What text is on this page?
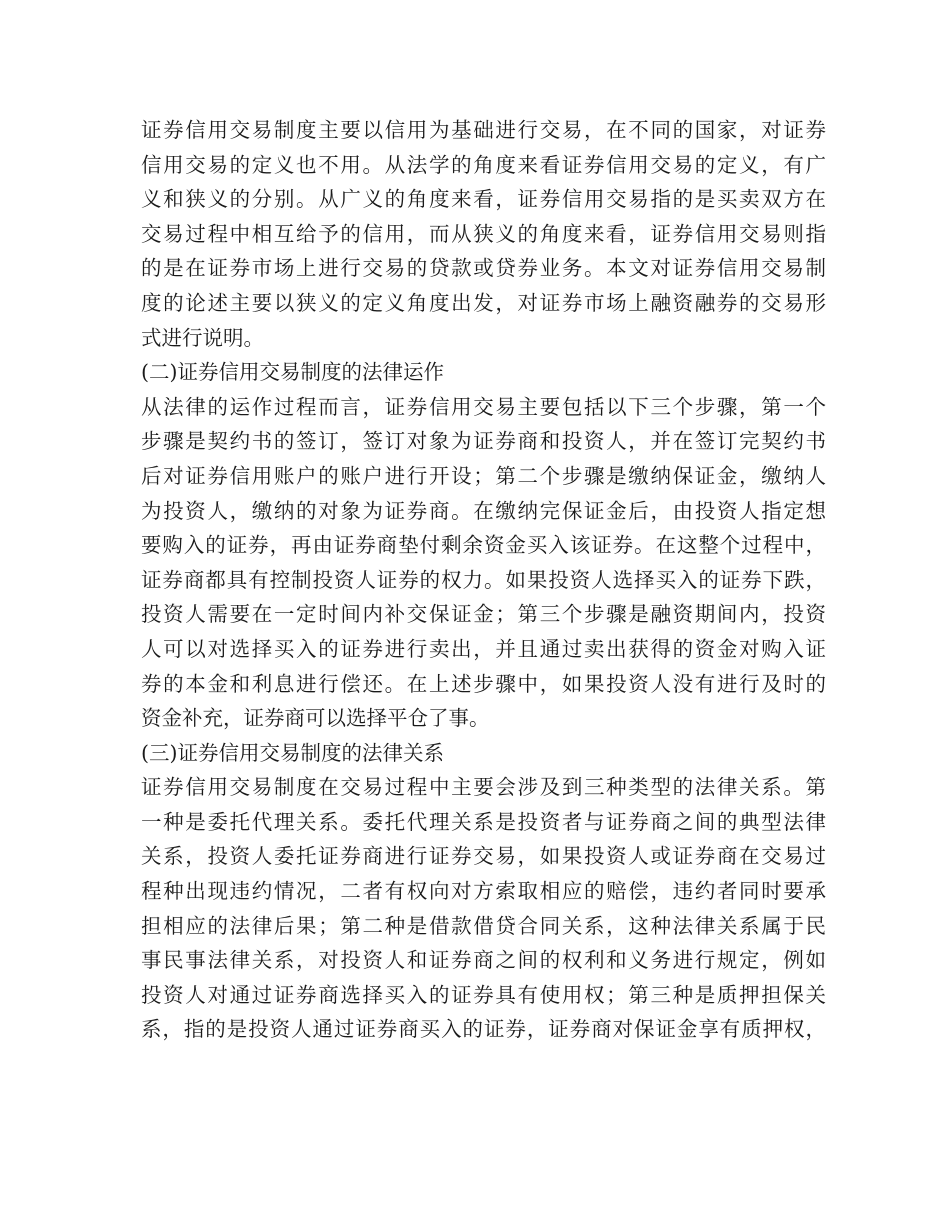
证券信用交易制度主要以信用为基础进行交易，在不同的国家，对证券
信用交易的定义也不用。从法学的角度来看证券信用交易的定义，有广
义和狭义的分别。从广义的角度来看，证券信用交易指的是买卖双方在
交易过程中相互给予的信用，而从狭义的角度来看，证券信用交易则指
的是在证券市场上进行交易的贷款或贷券业务。本文对证券信用交易制
度的论述主要以狭义的定义角度出发，对证券市场上融资融券的交易形
式进行说明。
(二)证券信用交易制度的法律运作
从法律的运作过程而言，证券信用交易主要包括以下三个步骤，第一个
步骤是契约书的签订，签订对象为证券商和投资人，并在签订完契约书
后对证券信用账户的账户进行开设；第二个步骤是缴纳保证金，缴纳人
为投资人，缴纳的对象为证券商。在缴纳完保证金后，由投资人指定想
要购入的证券，再由证券商垫付剩余资金买入该证券。在这整个过程中，
证券商都具有控制投资人证券的权力。如果投资人选择买入的证券下跌，
投资人需要在一定时间内补交保证金；第三个步骤是融资期间内，投资
人可以对选择买入的证券进行卖出，并且通过卖出获得的资金对购入证
券的本金和利息进行偿还。在上述步骤中，如果投资人没有进行及时的
资金补充，证券商可以选择平仓了事。
(三)证券信用交易制度的法律关系
证券信用交易制度在交易过程中主要会涉及到三种类型的法律关系。第
一种是委托代理关系。委托代理关系是投资者与证券商之间的典型法律
关系，投资人委托证券商进行证券交易，如果投资人或证券商在交易过
程种出现违约情况，二者有权向对方索取相应的赔偿，违约者同时要承
担相应的法律后果；第二种是借款借贷合同关系，这种法律关系属于民
事民事法律关系，对投资人和证券商之间的权利和义务进行规定，例如
投资人对通过证券商选择买入的证券具有使用权；第三种是质押担保关
系，指的是投资人通过证券商买入的证券，证券商对保证金享有质押权，
